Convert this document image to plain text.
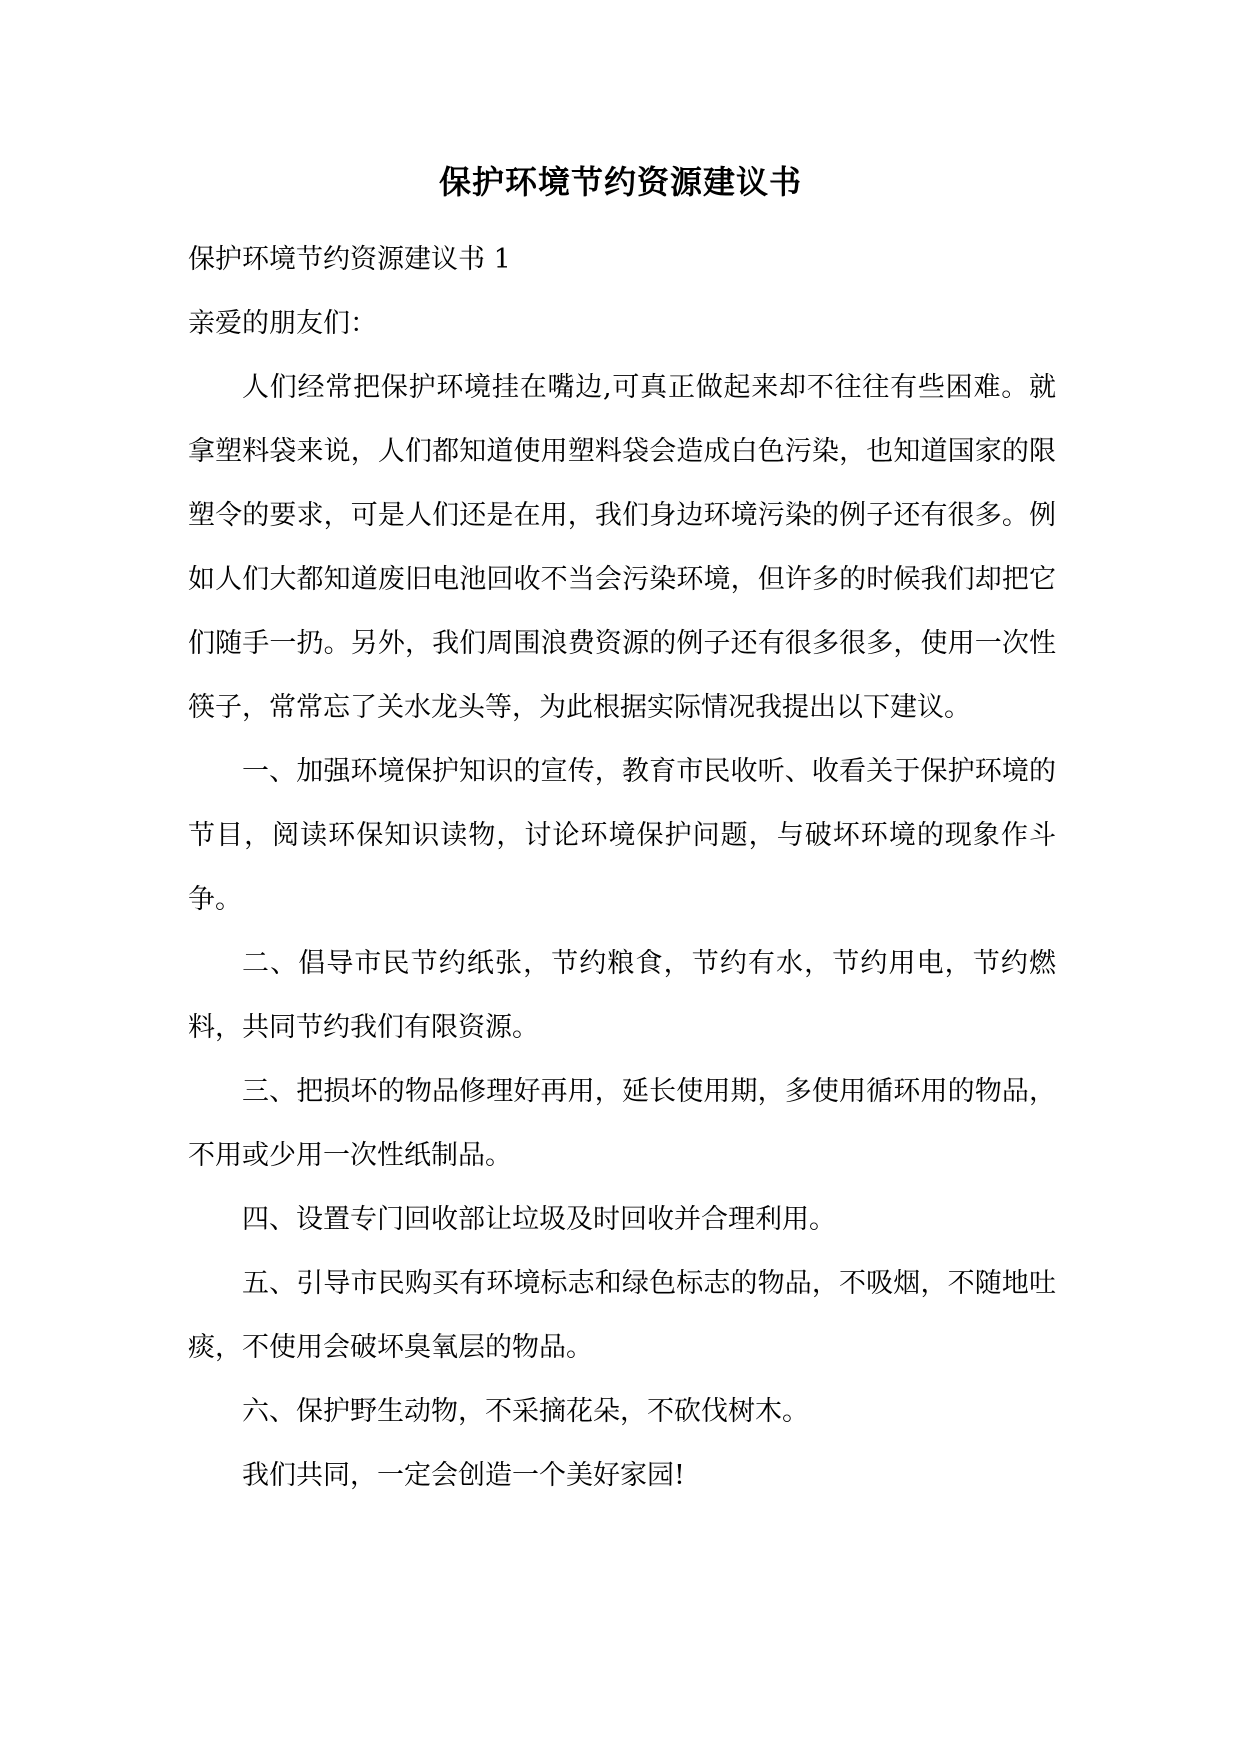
保护环境节约资源建议书

保护环境节约资源建议书 1

亲爱的朋友们：

人们经常把保护环境挂在嘴边,可真正做起来却不往往有些困难。就拿塑料袋来说，人们都知道使用塑料袋会造成白色污染，也知道国家的限塑令的要求，可是人们还是在用，我们身边环境污染的例子还有很多。例如人们大都知道废旧电池回收不当会污染环境，但许多的时候我们却把它们随手一扔。另外，我们周围浪费资源的例子还有很多很多，使用一次性筷子，常常忘了关水龙头等，为此根据实际情况我提出以下建议。

一、加强环境保护知识的宣传，教育市民收听、收看关于保护环境的节目，阅读环保知识读物，讨论环境保护问题，与破坏环境的现象作斗争。

二、倡导市民节约纸张，节约粮食，节约有水，节约用电，节约燃料，共同节约我们有限资源。

三、把损坏的物品修理好再用，延长使用期，多使用循环用的物品，不用或少用一次性纸制品。

四、设置专门回收部让垃圾及时回收并合理利用。

五、引导市民购买有环境标志和绿色标志的物品，不吸烟，不随地吐痰，不使用会破坏臭氧层的物品。

六、保护野生动物，不采摘花朵，不砍伐树木。

我们共同，一定会创造一个美好家园!
